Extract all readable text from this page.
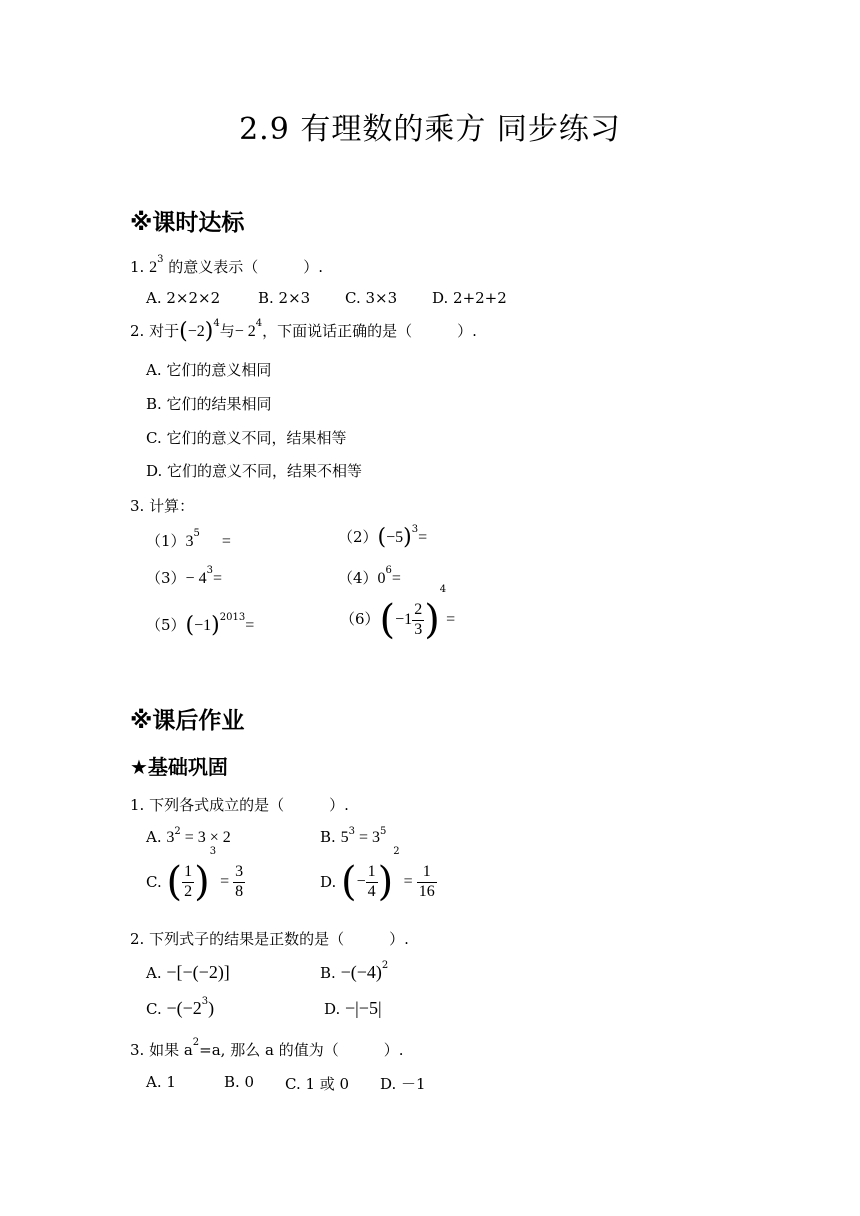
2.9 有理数的乘方 同步练习
※课时达标
1. $2^3$ 的意义表示（　　　）.
A. 2×2×2	B. 2×3 C. 3×3 D. 2+2+2
2. 对于$(-2)^4$与− $2^4$，下面说话正确的是（　　　）.
A. 它们的意义相同
B. 它们的结果相同
C. 它们的意义不同，结果相等
D. 它们的意义不同，结果不相等
3. 计算：
$(1)3^5$ =	$(2)(-5)^3=$
$(3)- 4^3=$	$(4)0^6=$
$(5)(-1)^{2013}=$	$(6)(-1 \frac{2}{3} )^4=$
※课后作业
★基础巩固
1. 下列各式成立的是（　　　）.
A. $3^2 = 3 \times 2$	B. $5^3 = 3^5$
C. ( $\frac{1}{2} )^3 = \frac{3}{8}$	D. (− $\frac{1}{4} )^2 = \frac{1}{16}$
2. 下列式子的结果是正数的是（　　　）.
A. −[−(−2)]	B. $-(-4)^2$
C. $-(-2^3)$	D. −|−5|
3. 如果 $a^2=a$, 那么 a 的值为（　　　）.
A. 1	B. 0 C. 1 或 0 D. －1
